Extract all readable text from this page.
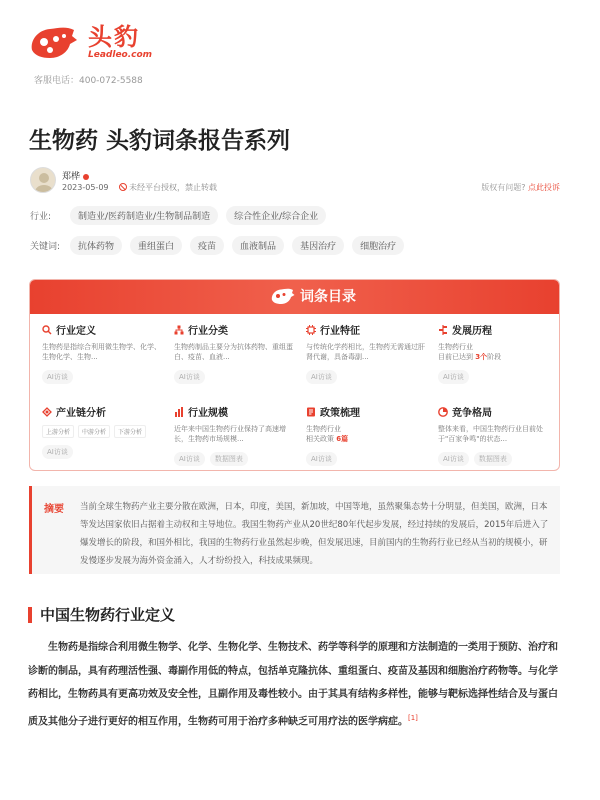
头豹
Leadleo.com
客服电话：400-072-5588
生物药 头豹词条报告系列
郑桦
2023-05-09	未经平台授权，禁止转载	版权有问题? 点此投诉
行业:	制造业/医药制造业/生物制品制造	综合性企业/综合企业
关键词:	抗体药物	重组蛋白	疫苗	血液制品	基因治疗	细胞治疗
词条目录
行业定义
生物药是指综合利用微生物学、化学、生物化学、生物...
AI访谈
行业分类
生物药制品主要分为抗体药物、重组蛋白、疫苗、血液...
AI访谈
行业特征
与传统化学药相比，生物药无需通过肝肾代谢，具备毒副...
AI访谈
发展历程
生物药行业
目前已达到 3个阶段
AI访谈
产业链分析
上游分析	中游分析	下游分析
AI访谈
行业规模
近年来中国生物药行业保持了高速增长，生物药市场规模...
AI访谈	数据图表
政策梳理
生物药行业
相关政策 6篇
AI访谈
竞争格局
整体来看，中国生物药行业目前处于"百家争鸣"的状态...
AI访谈	数据图表
摘要 当前全球生物药产业主要分散在欧洲，日本，印度，美国，新加坡，中国等地，虽然聚集态势十分明显，但美国，欧洲，日本等发达国家依旧占据着主动权和主导地位。我国生物药产业从20世纪80年代起步发展，经过持续的发展后，2015年后进入了爆发增长的阶段，和国外相比，我国的生物药行业虽然起步晚，但发展迅速，目前国内的生物药行业已经从当初的规模小，研发慢逐步发展为海外资金涌入，人才纷纷投入，科技成果频现。
中国生物药行业定义
生物药是指综合利用微生物学、化学、生物化学、生物技术、药学等科学的原理和方法制造的一类用于预防、治疗和诊断的制品，具有药理活性强、毒副作用低的特点，包括单克隆抗体、重组蛋白、疫苗及基因和细胞治疗药物等。与化学药相比，生物药具有更高功效及安全性，且副作用及毒性较小。由于其具有结构多样性，能够与靶标选择性结合及与蛋白质及其他分子进行更好的相互作用，生物药可用于治疗多种缺乏可用疗法的医学病症。[1]
